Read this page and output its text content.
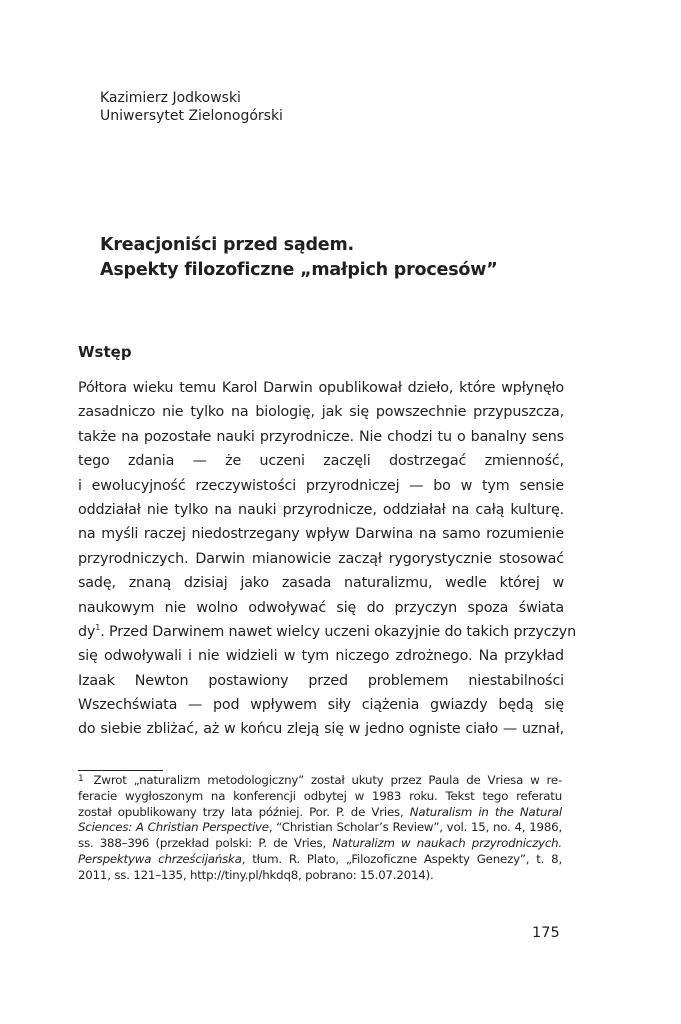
Kazimierz Jodkowski
Uniwersytet Zielonogórski
Kreacjoniści przed sądem.
Aspekty filozoficzne „małpich procesów”
Wstęp
Półtora wieku temu Karol Darwin opublikował dzieło, które wpłynęło
zasadniczo nie tylko na biologię, jak się powszechnie przypuszcza,
także na pozostałe nauki przyrodnicze. Nie chodzi tu o banalny sens
tego zdania — że uczeni zaczęli dostrzegać zmienność,
i ewolucyjność rzeczywistości przyrodniczej — bo w tym sensie
oddziałał nie tylko na nauki przyrodnicze, oddziałał na całą kulturę.
na myśli raczej niedostrzegany wpływ Darwina na samo rozumienie
przyrodniczych. Darwin mianowicie zaczął rygorystycznie stosować
sadę, znaną dzisiaj jako zasada naturalizmu, wedle której w
naukowym nie wolno odwoływać się do przyczyn spoza świata
$dy^1$. Przed Darwinem nawet wielcy uczeni okazyjnie do takich przyczyn
się odwoływali i nie widzieli w tym niczego zdrożnego. Na przykład
Izaak Newton postawiony przed problemem niestabilności
Wszechświata — pod wpływem siły ciążenia gwiazdy będą się
do siebie zbliżać, aż w końcu zleją się w jedno ogniste ciało — uznał,
$^1$ Zwrot „naturalizm metodologiczny” został ukuty przez Paula de Vriesa w re-
feracie wygłoszonym na konferencji odbytej w 1983 roku. Tekst tego referatu
został opublikowany trzy lata później. Por. P. de Vries, Naturalism in the Natural
Sciences: A Christian Perspective, “Christian Scholar’s Review”, vol. 15, no. 4, 1986,
ss. 388–396 (przekład polski: P. de Vries, Naturalizm w naukach przyrodniczych.
Perspektywa chrześcijańska, tłum. R. Plato, „Filozoficzne Aspekty Genezy”, t. 8,
2011, ss. 121–135, http://tiny.pl/hkdq8, pobrano: 15.07.2014).
175
